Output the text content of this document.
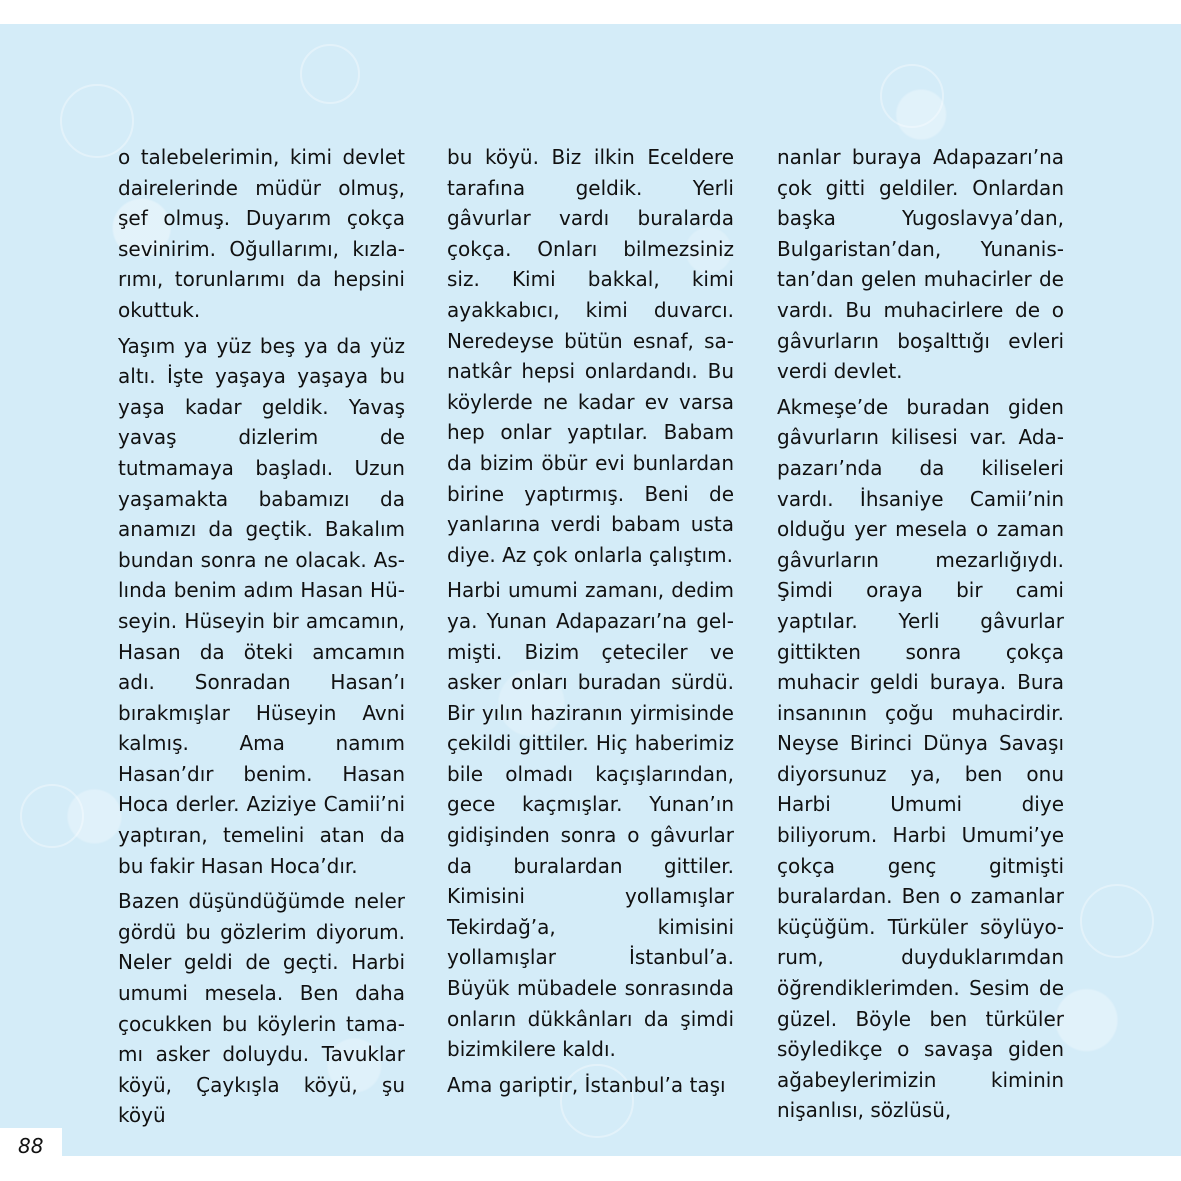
o talebelerimin, kimi devlet dairelerinde müdür olmuş, şef olmuş. Duyarım çokça sevinirim. Oğullarımı, kızlarımı, torunlarımı da hepsini okuttuk.

Yaşım ya yüz beş ya da yüz altı. İşte yaşaya yaşaya bu yaşa kadar geldik. Yavaş yavaş dizlerim de tutmamaya başladı. Uzun yaşamakta babamızı da anamızı da geçtik. Bakalım bundan sonra ne olacak. Aslında benim adım Hasan Hüseyin. Hüseyin bir amcamın, Hasan da öteki amcamın adı. Sonradan Hasan’ı bırakmışlar Hüseyin Avni kalmış. Ama namım Hasan’dır benim. Hasan Hoca derler. Aziziye Camii’ni yaptıran, temelini atan da bu fakir Hasan Hoca’dır.

Bazen düşündüğümde neler gördü bu gözlerim diyorum. Neler geldi de geçti. Harbi umumi mesela. Ben daha çocukken bu köylerin tamamı asker doluydu. Tavuklar köyü, Çaykışla köyü, şu köyü

bu köyü. Biz ilkin Eceldere tarafına geldik. Yerli gâvurlar vardı buralarda çokça. Onları bilmezsiniz siz. Kimi bakkal, kimi ayakkabıcı, kimi duvarcı. Neredeyse bütün esnaf, sanatkâr hepsi onlardandı. Bu köylerde ne kadar ev varsa hep onlar yaptılar. Babam da bizim öbür evi bunlardan birine yaptırmış. Beni de yanlarına verdi babam usta diye. Az çok onlarla çalıştım.

Harbi umumi zamanı, dedim ya. Yunan Adapazarı’na gelmişti. Bizim çeteciler ve asker onları buradan sürdü. Bir yılın haziranın yirmisinde çekildi gittiler. Hiç haberimiz bile olmadı kaçışlarından, gece kaçmışlar. Yunan’ın gidişinden sonra o gâvurlar da buralardan gittiler. Kimisini yollamışlar Tekirdağ’a, kimisini yollamışlar İstanbul’a. Büyük mübadele sonrasında onların dükkânları da şimdi bizimkilere kaldı.

Ama gariptir, İstanbul’a taşı

nanlar buraya Adapazarı’na çok gitti geldiler. Onlardan başka Yugoslavya’dan, Bulgaristan’dan, Yunanistan’dan gelen muhacirler de vardı. Bu muhacirlere de o gâvurların boşalttığı evleri verdi devlet.

Akmeşe’de buradan giden gâvurların kilisesi var. Adapazarı’nda da kiliseleri vardı. İhsaniye Camii’nin olduğu yer mesela o zaman gâvurların mezarlığıydı. Şimdi oraya bir cami yaptılar. Yerli gâvurlar gittikten sonra çokça muhacir geldi buraya. Bura insanının çoğu muhacirdir. Neyse Birinci Dünya Savaşı diyorsunuz ya, ben onu Harbi Umumi diye biliyorum. Harbi Umumi’ye çokça genç gitmişti buralardan. Ben o zamanlar küçüğüm. Türküler söylüyorum, duyduklarımdan öğrendiklerimden. Sesim de güzel. Böyle ben türküler söyledikçe o savaşa giden ağabeylerimizin kiminin nişanlısı, sözlüsü,

88
